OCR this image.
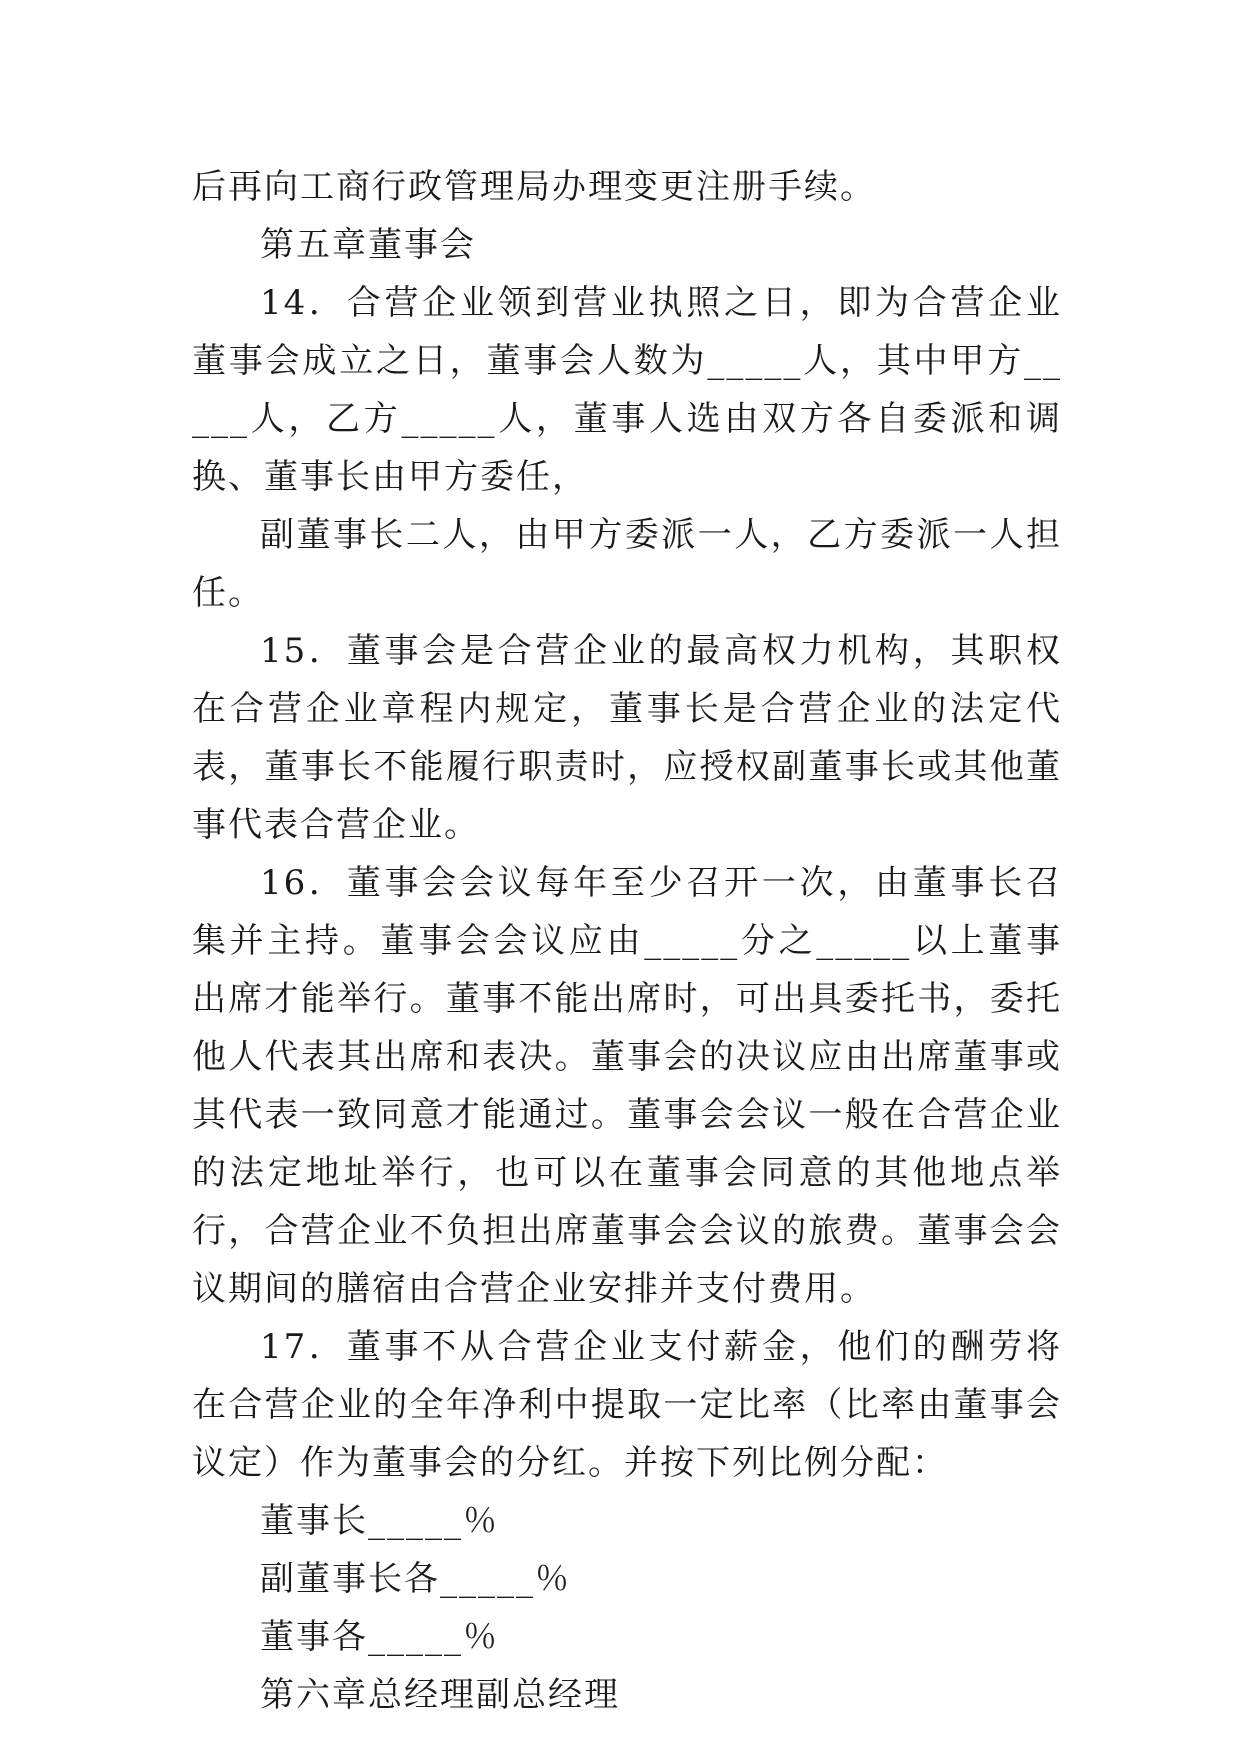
后再向工商行政管理局办理变更注册手续。

第五章董事会

14．合营企业领到营业执照之日，即为合营企业董事会成立之日，董事会人数为_____人，其中甲方_____人，乙方_____人，董事人选由双方各自委派和调换、董事长由甲方委任，

副董事长二人，由甲方委派一人，乙方委派一人担任。

15．董事会是合营企业的最高权力机构，其职权在合营企业章程内规定，董事长是合营企业的法定代表，董事长不能履行职责时，应授权副董事长或其他董事代表合营企业。

16．董事会会议每年至少召开一次，由董事长召集并主持。董事会会议应由_____分之_____以上董事出席才能举行。董事不能出席时，可出具委托书，委托他人代表其出席和表决。董事会的决议应由出席董事或其代表一致同意才能通过。董事会会议一般在合营企业的法定地址举行，也可以在董事会同意的其他地点举行，合营企业不负担出席董事会会议的旅费。董事会会议期间的膳宿由合营企业安排并支付费用。

17．董事不从合营企业支付薪金，他们的酬劳将在合营企业的全年净利中提取一定比率（比率由董事会议定）作为董事会的分红。并按下列比例分配：

董事长_____％

副董事长各_____％

董事各_____％

第六章总经理副总经理
